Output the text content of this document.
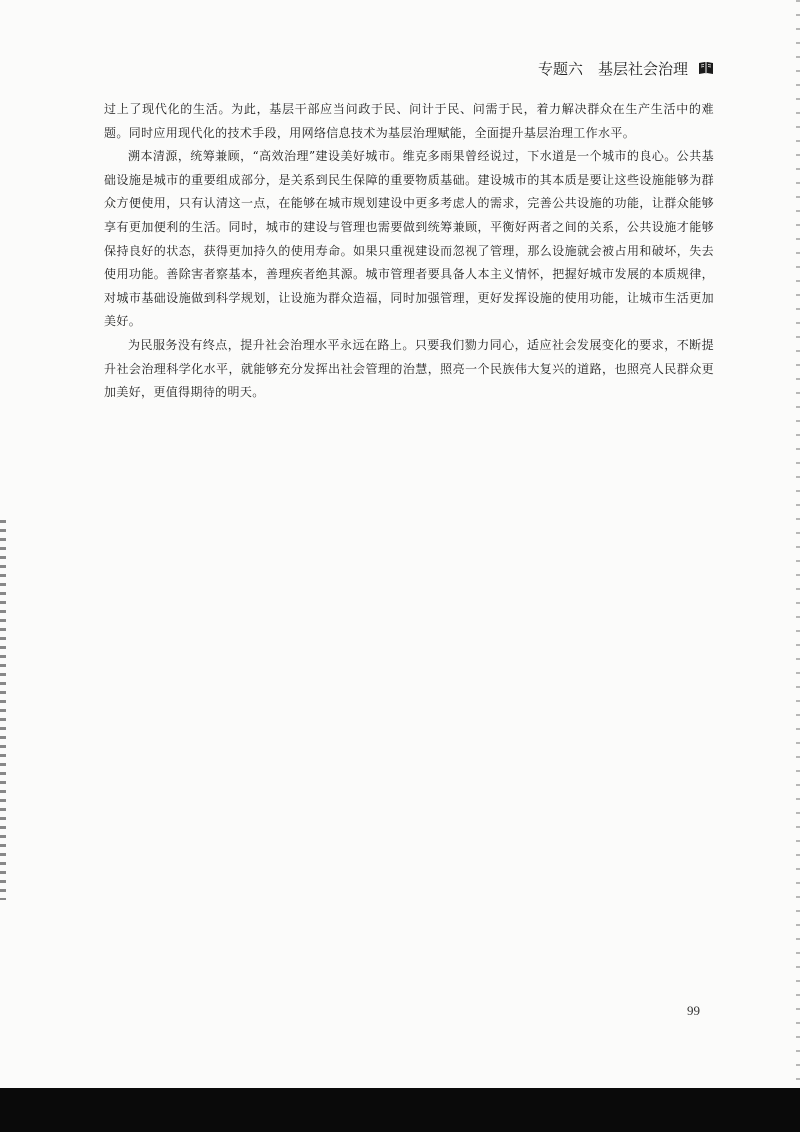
专题六　基层社会治理

过上了现代化的生活。为此，基层干部应当问政于民、问计于民、问需于民，着力解决群众在生产生活中的难题。同时应用现代化的技术手段，用网络信息技术为基层治理赋能，全面提升基层治理工作水平。

溯本清源，统筹兼顾，“高效治理”建设美好城市。维克多雨果曾经说过，下水道是一个城市的良心。公共基础设施是城市的重要组成部分，是关系到民生保障的重要物质基础。建设城市的其本质是要让这些设施能够为群众方便使用，只有认清这一点，在能够在城市规划建设中更多考虑人的需求，完善公共设施的功能，让群众能够享有更加便利的生活。同时，城市的建设与管理也需要做到统筹兼顾，平衡好两者之间的关系，公共设施才能够保持良好的状态，获得更加持久的使用寿命。如果只重视建设而忽视了管理，那么设施就会被占用和破坏，失去使用功能。善除害者察基本，善理疾者绝其源。城市管理者要具备人本主义情怀，把握好城市发展的本质规律，对城市基础设施做到科学规划，让设施为群众造福，同时加强管理，更好发挥设施的使用功能，让城市生活更加美好。

为民服务没有终点，提升社会治理水平永远在路上。只要我们勠力同心，适应社会发展变化的要求，不断提升社会治理科学化水平，就能够充分发挥出社会管理的治慧，照亮一个民族伟大复兴的道路，也照亮人民群众更加美好，更值得期待的明天。

99
